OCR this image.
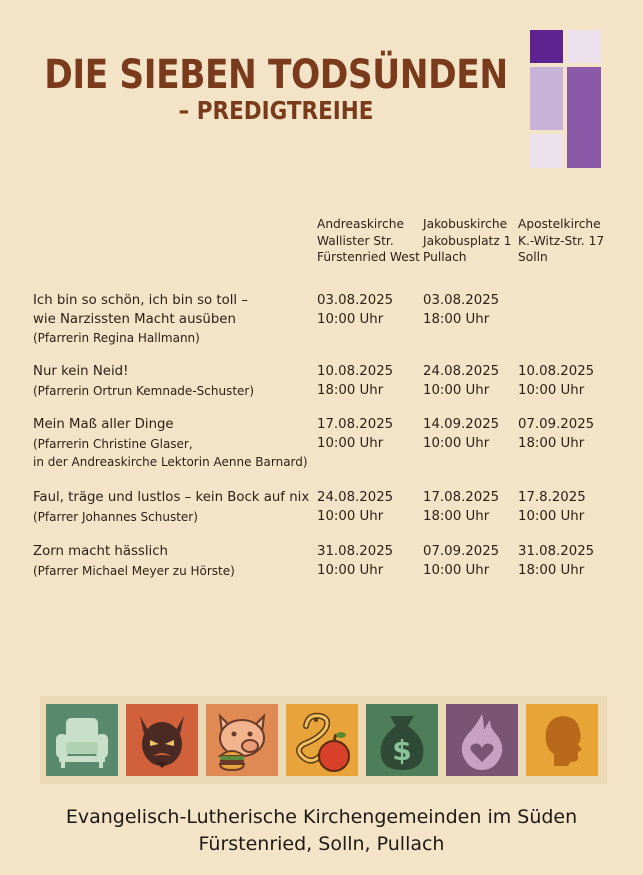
DIE SIEBEN TODSÜNDEN
– PREDIGTREIHE
Andreaskirche
Wallister Str.
Fürstenried West
Jakobuskirche
Jakobusplatz 1
Pullach
Apostelkirche
K.-Witz-Str. 17
Solln
Ich bin so schön, ich bin so toll –
wie Narzissten Macht ausüben
(Pfarrerin Regina Hallmann)
03.08.2025
10:00 Uhr
03.08.2025
18:00 Uhr
Nur kein Neid!
(Pfarrerin Ortrun Kemnade-Schuster)
10.08.2025
18:00 Uhr
24.08.2025
10:00 Uhr
10.08.2025
10:00 Uhr
Mein Maß aller Dinge
(Pfarrerin Christine Glaser,
in der Andreaskirche Lektorin Aenne Barnard)
17.08.2025
10:00 Uhr
14.09.2025
10:00 Uhr
07.09.2025
18:00 Uhr
Faul, träge und lustlos – kein Bock auf nix
(Pfarrer Johannes Schuster)
24.08.2025
10:00 Uhr
17.08.2025
18:00 Uhr
17.8.2025
10:00 Uhr
Zorn macht hässlich
(Pfarrer Michael Meyer zu Hörste)
31.08.2025
10:00 Uhr
07.09.2025
10:00 Uhr
31.08.2025
18:00 Uhr
$
Evangelisch-Lutherische Kirchengemeinden im Süden
Fürstenried, Solln, Pullach
